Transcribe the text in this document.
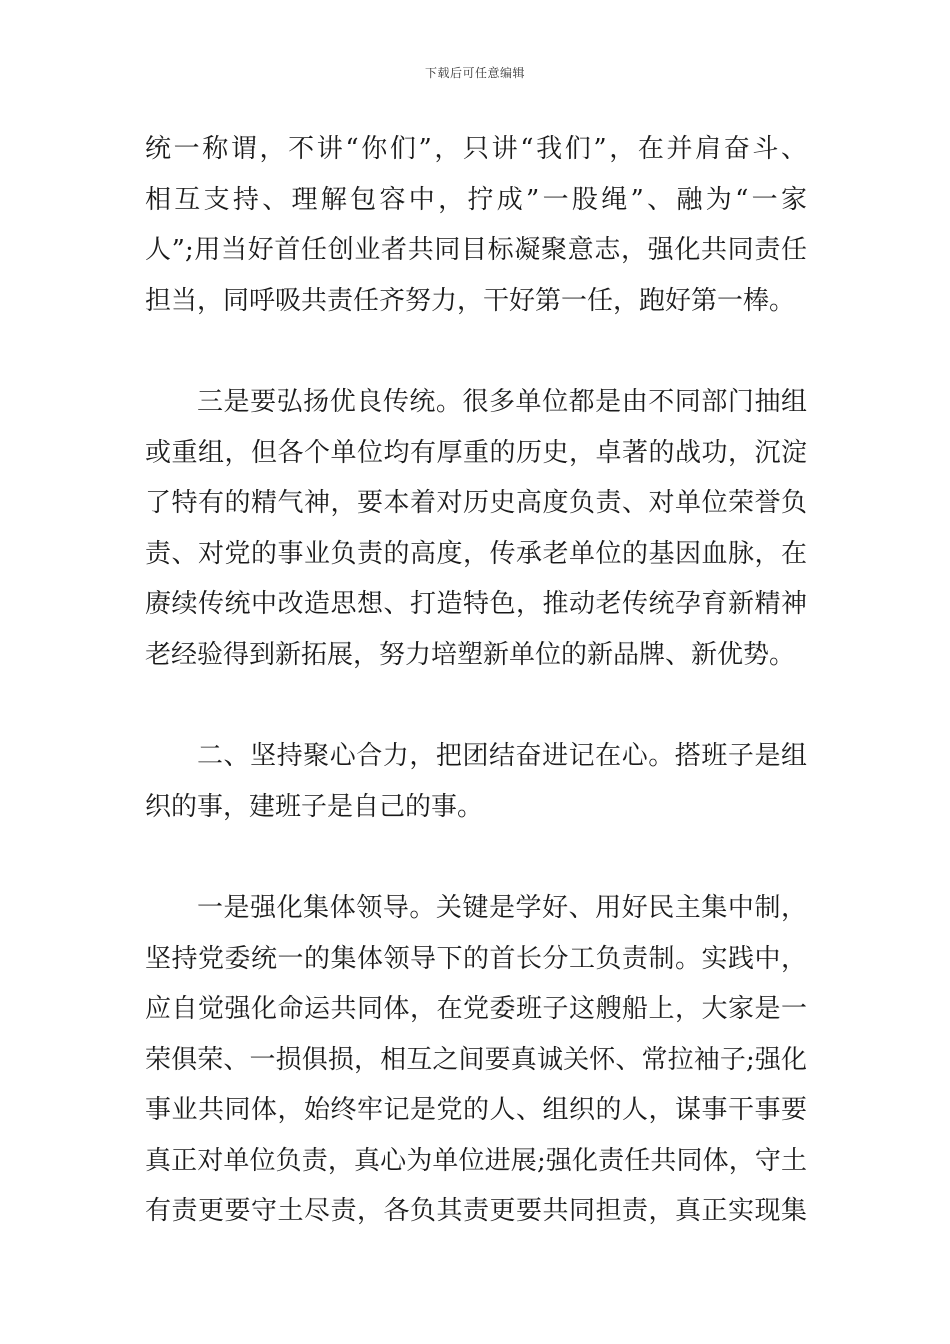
下载后可任意编辑
统一称谓，不讲“你们”，只讲“我们”，在并肩奋斗、
相互支持、理解包容中，拧成”一股绳”、融为“一家
人”;用当好首任创业者共同目标凝聚意志，强化共同责任
担当，同呼吸共责任齐努力，干好第一任，跑好第一棒。
三是要弘扬优良传统。很多单位都是由不同部门抽组
或重组，但各个单位均有厚重的历史，卓著的战功，沉淀
了特有的精气神，要本着对历史高度负责、对单位荣誉负
责、对党的事业负责的高度，传承老单位的基因血脉，在
赓续传统中改造思想、打造特色，推动老传统孕育新精神
老经验得到新拓展，努力培塑新单位的新品牌、新优势。
二、坚持聚心合力，把团结奋进记在心。搭班子是组
织的事，建班子是自己的事。
一是强化集体领导。关键是学好、用好民主集中制，
坚持党委统一的集体领导下的首长分工负责制。实践中，
应自觉强化命运共同体，在党委班子这艘船上，大家是一
荣俱荣、一损俱损，相互之间要真诚关怀、常拉袖子;强化
事业共同体，始终牢记是党的人、组织的人，谋事干事要
真正对单位负责，真心为单位进展;强化责任共同体，守土
有责更要守土尽责，各负其责更要共同担责，真正实现集
